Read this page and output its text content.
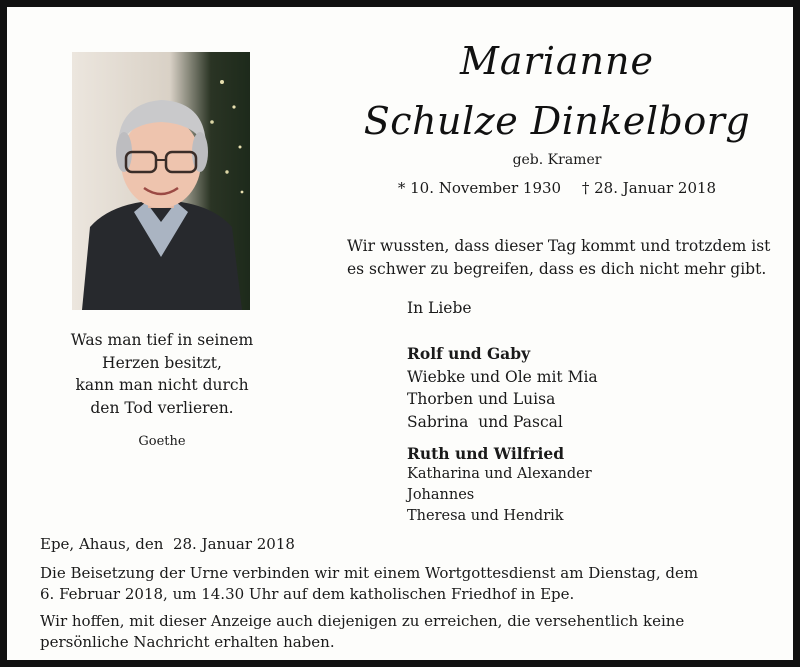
Was man tief in seinem
Herzen besitzt,
kann man nicht durch
den Tod verlieren.
Goethe
Marianne
Schulze Dinkelborg
geb. Kramer
* 10. November 1930 † 28. Januar 2018
Wir wussten, dass dieser Tag kommt und trotzdem ist
es schwer zu begreifen, dass es dich nicht mehr gibt.
In Liebe
Rolf und Gaby
Wiebke und Ole mit Mia
Thorben und Luisa
Sabrina  und Pascal
Ruth und Wilfried
Katharina und Alexander
Johannes
Theresa und Hendrik
Epe, Ahaus, den  28. Januar 2018
Die Beisetzung der Urne verbinden wir mit einem Wortgottesdienst am Dienstag, dem
6. Februar 2018, um 14.30 Uhr auf dem katholischen Friedhof in Epe.
Wir hoffen, mit dieser Anzeige auch diejenigen zu erreichen, die versehentlich keine
persönliche Nachricht erhalten haben.
